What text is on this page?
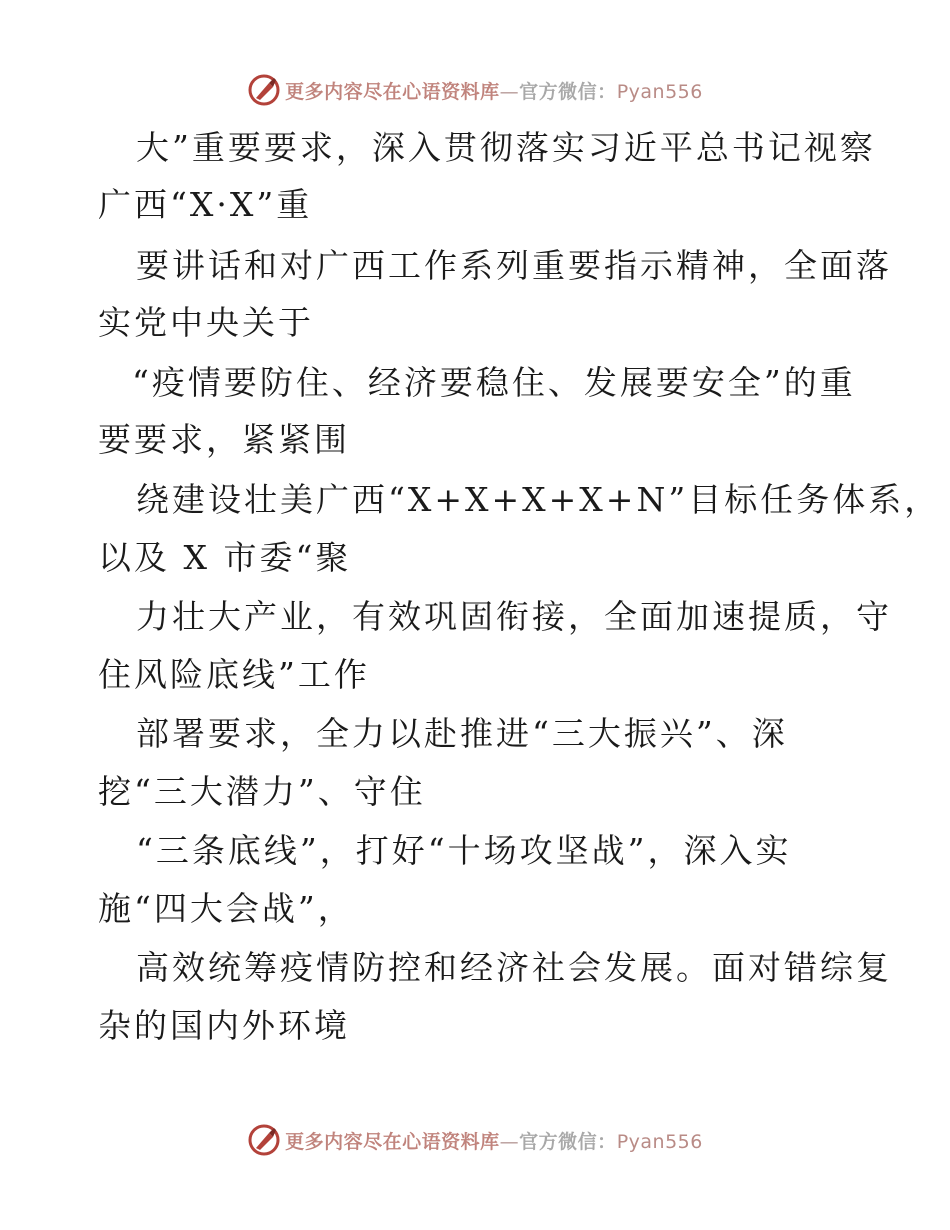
更多内容尽在心语资料库—官方微信：Pyan556
大”重要要求，深入贯彻落实习近平总书记视察
广西“X·X”重
要讲话和对广西工作系列重要指示精神，全面落
实党中央关于
“疫情要防住、经济要稳住、发展要安全”的重
要要求，紧紧围
绕建设壮美广西“X+X+X+X+N”目标任务体系，
以及 X 市委“聚
力壮大产业，有效巩固衔接，全面加速提质，守
住风险底线”工作
部署要求，全力以赴推进“三大振兴”、深
挖“三大潜力”、守住
“三条底线”，打好“十场攻坚战”，深入实
施“四大会战”，
高效统筹疫情防控和经济社会发展。面对错综复
杂的国内外环境
更多内容尽在心语资料库—官方微信：Pyan556
